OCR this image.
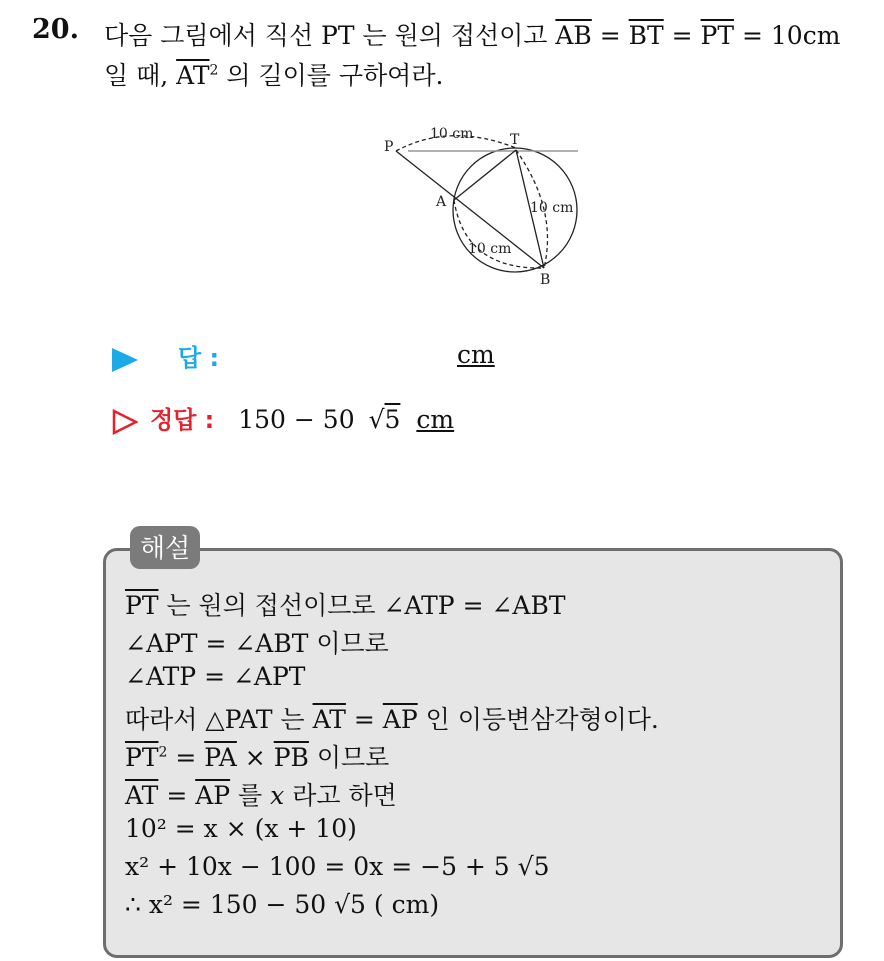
20. 다음 그림에서 직선 PT 는 원의 접선이고 $\overline{AB} = \overline{BT} = \overline{PT} = 10cm$
일 때, $\overline{AT}^2$ 의 길이를 구하여라.
P	T
A
B
10 cm
10 cm
10 cm
답 :	cm
정답 : 150 − 50 √5 cm
해설
$\overline{PT}$ 는 원의 접선이므로 ∠ATP = ∠ABT
∠APT = ∠ABT 이므로
∠ATP = ∠APT
따라서 △PAT 는 $\overline{AT} = \overline{AP}$ 인 이등변삼각형이다.
$\overline{PT}^2 = \overline{PA} \times \overline{PB}$ 이므로
$\overline{AT} = \overline{AP}$ 를 x 라고 하면
10² = x × (x + 10)
x² + 10x − 100 = 0x = −5 + 5 √5
∴ x² = 150 − 50 √5 ( cm)
